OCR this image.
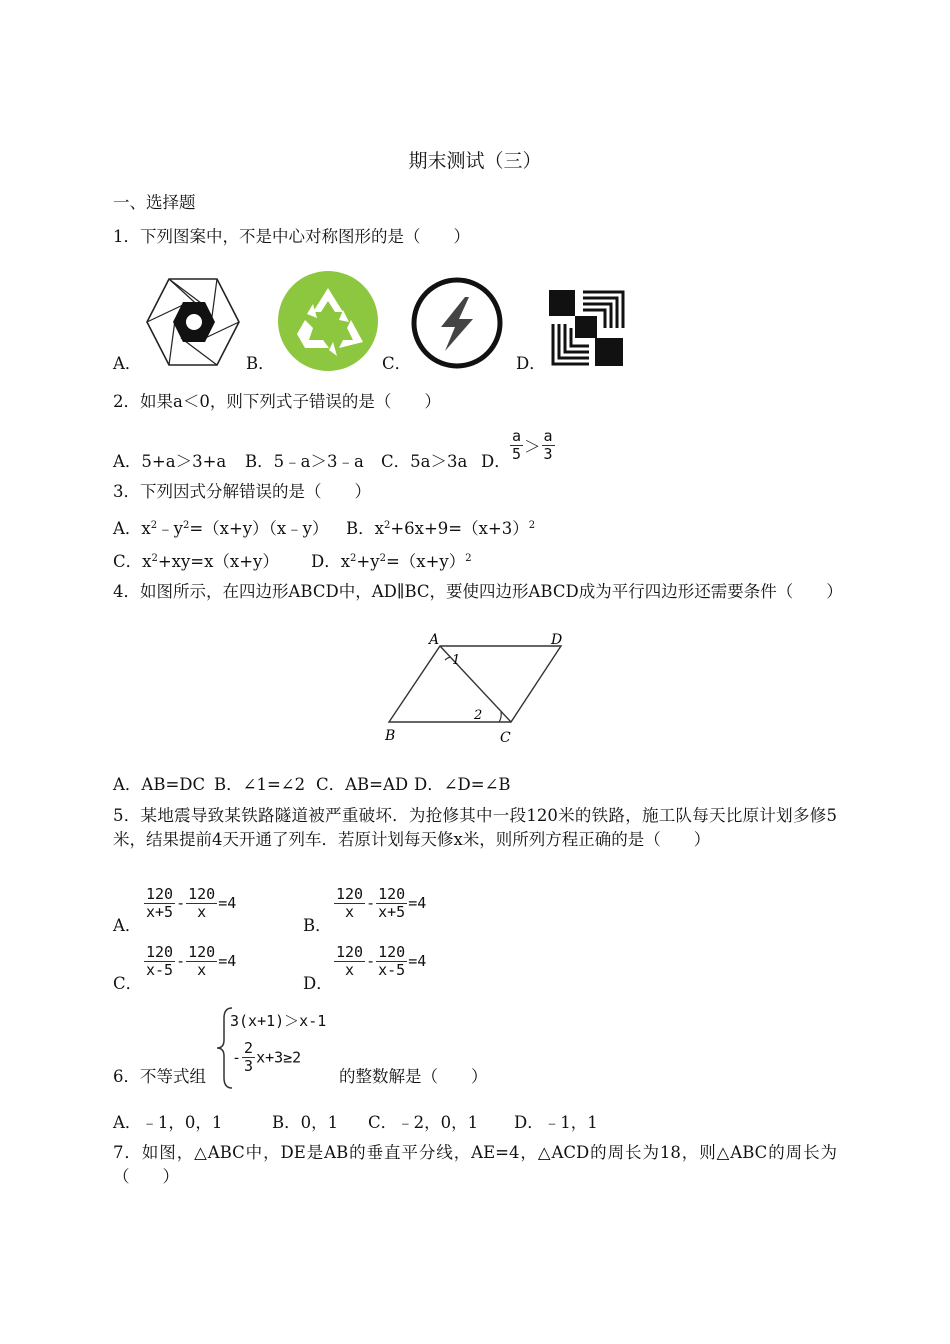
期末测试（三）
一、选择题
1．下列图案中，不是中心对称图形的是（　　）
A．	B．	C．	D．
2．如果a＜0，则下列式子错误的是（　　）
A．5+a＞3+a B．5﹣a＞3﹣a C．5a＞3a D． $\frac{a}{5} > \frac{a}{3}$
3．下列因式分解错误的是（　　）
A．$x^2﹣y^2=(x+y)(x﹣y)$ B．$x^2+6x+9=(x+3)^2$
C．$x^2+xy=x(x+y)$ D．$x^2+y^2=(x+y)^2$
4．如图所示，在四边形ABCD中，AD∥BC，要使四边形ABCD成为平行四边形还需要条件（　　）
A	D
B	C
1
2
A．AB=DC B．∠1=∠2 C．AB=AD D．∠D=∠B
5．某地震导致某铁路隧道被严重破坏．为抢修其中一段120米的铁路，施工队每天比原计划多修5米，结果提前4天开通了列车．若原计划每天修x米，则所列方程正确的是（　　）
A．
$\frac{120}{x+5} - \frac{120}{x} =4$
B．
$\frac{120}{x} - \frac{120}{x+5} =4$
C．
$\frac{120}{x-5} - \frac{120}{x} =4$
D．
$\frac{120}{x} - \frac{120}{x-5} =4$
6．不等式组
3(x+1)＞x-1
- $\frac{2}{3} x+3\ge 2$
的整数解是（　　）
A．﹣1，0，1	B．0，1 C．﹣2，0，1 D．﹣1，1
7．如图，△ABC中，DE是AB的垂直平分线，AE=4，△ACD的周长为18，则△ABC的周长为（　　）
